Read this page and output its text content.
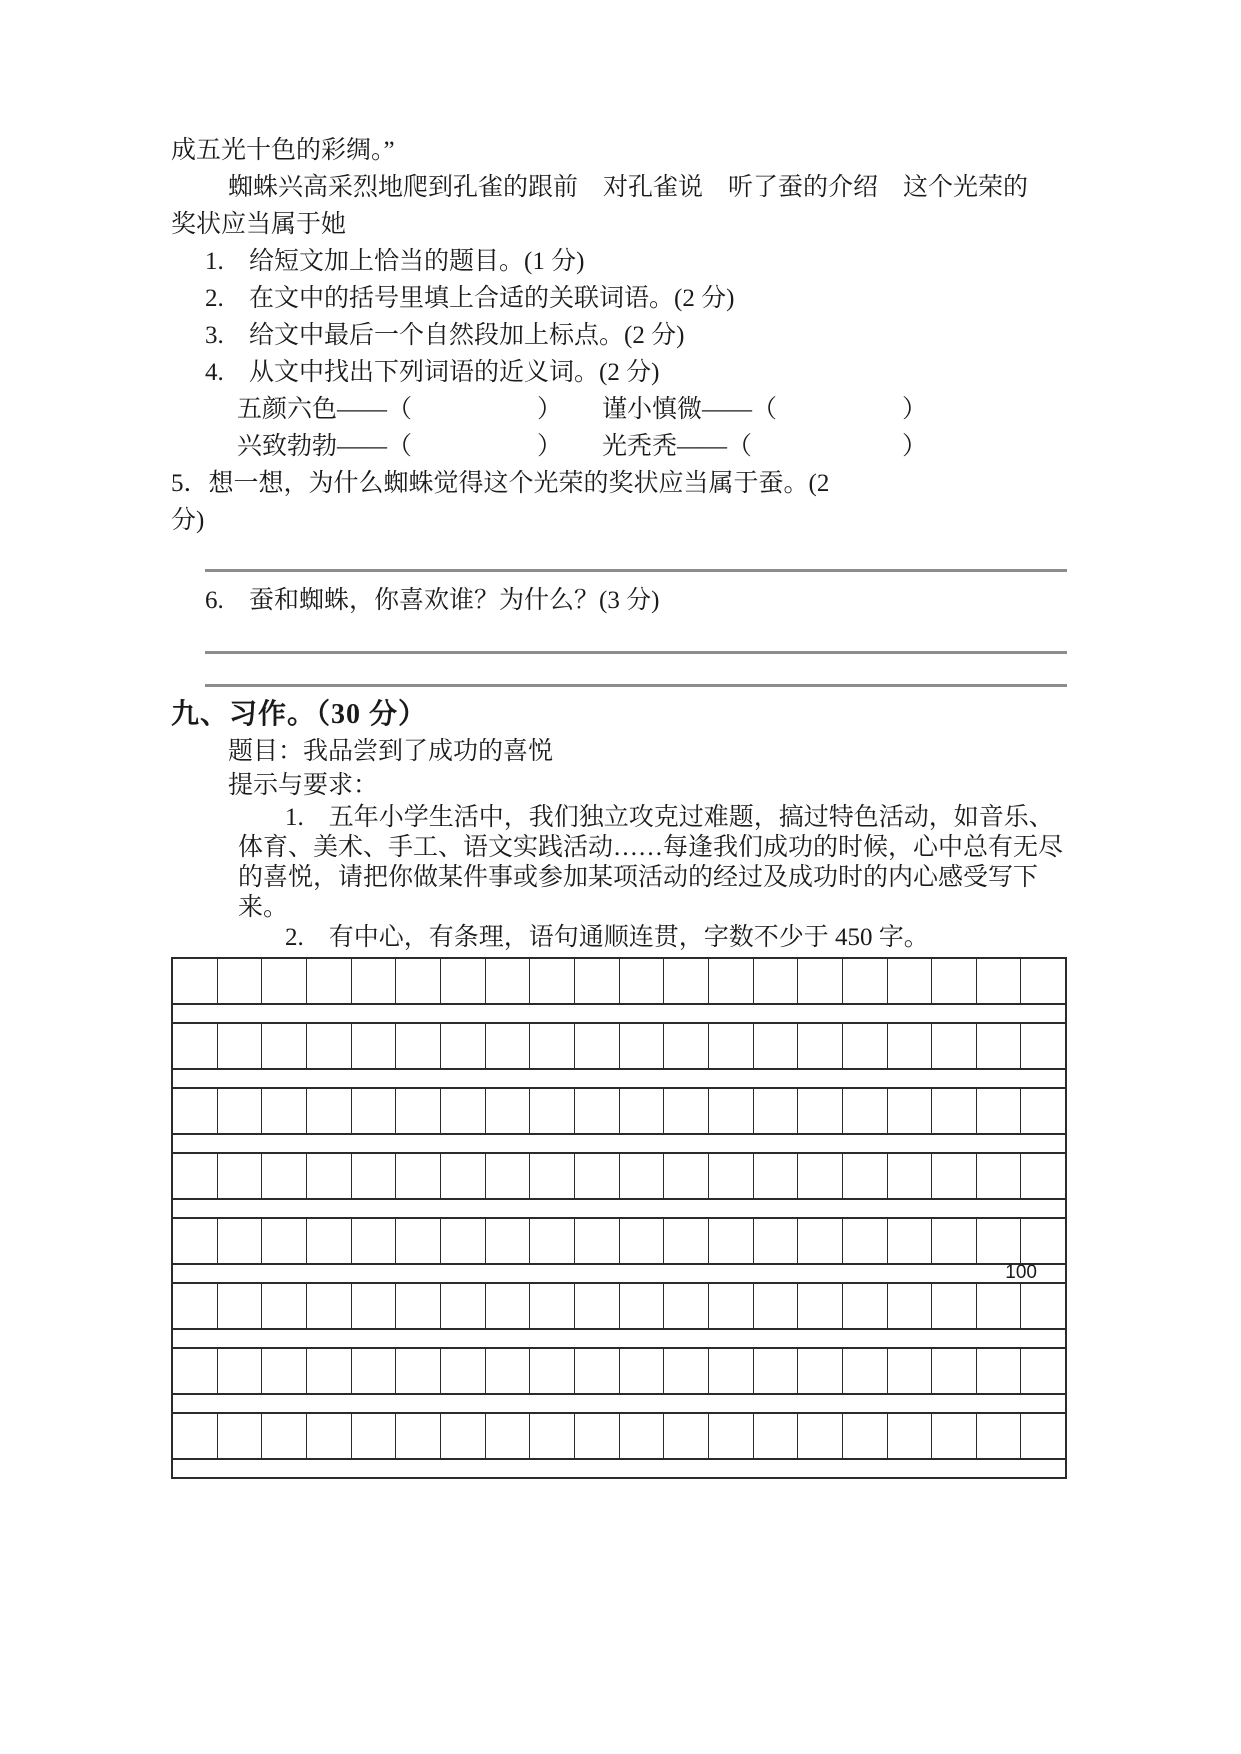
成五光十色的彩绸。”
蜘蛛兴高采烈地爬到孔雀的跟前　对孔雀说　听了蚕的介绍　这个光荣的
奖状应当属于她
1. 给短文加上恰当的题目。(1 分)
2. 在文中的括号里填上合适的关联词语。(2 分)
3. 给文中最后一个自然段加上标点。(2 分)
4. 从文中找出下列词语的近义词。(2 分)
五颜六色——（　　　　　） 谨小慎微——（　　　　　）
兴致勃勃——（　　　　　） 光秃秃——（　　　　　　）
5．想一想，为什么蜘蛛觉得这个光荣的奖状应当属于蚕。(2
分)
6. 蚕和蜘蛛，你喜欢谁？为什么？(3 分)
九、习作。（30 分）
题目：我品尝到了成功的喜悦
提示与要求：
1.　五年小学生活中，我们独立攻克过难题，搞过特色活动，如音乐、
体育、美术、手工、语文实践活动……每逢我们成功的时候，心中总有无尽
的喜悦，请把你做某件事或参加某项活动的经过及成功时的内心感受写下
来。
2.　有中心，有条理，语句通顺连贯，字数不少于 450 字。
100
